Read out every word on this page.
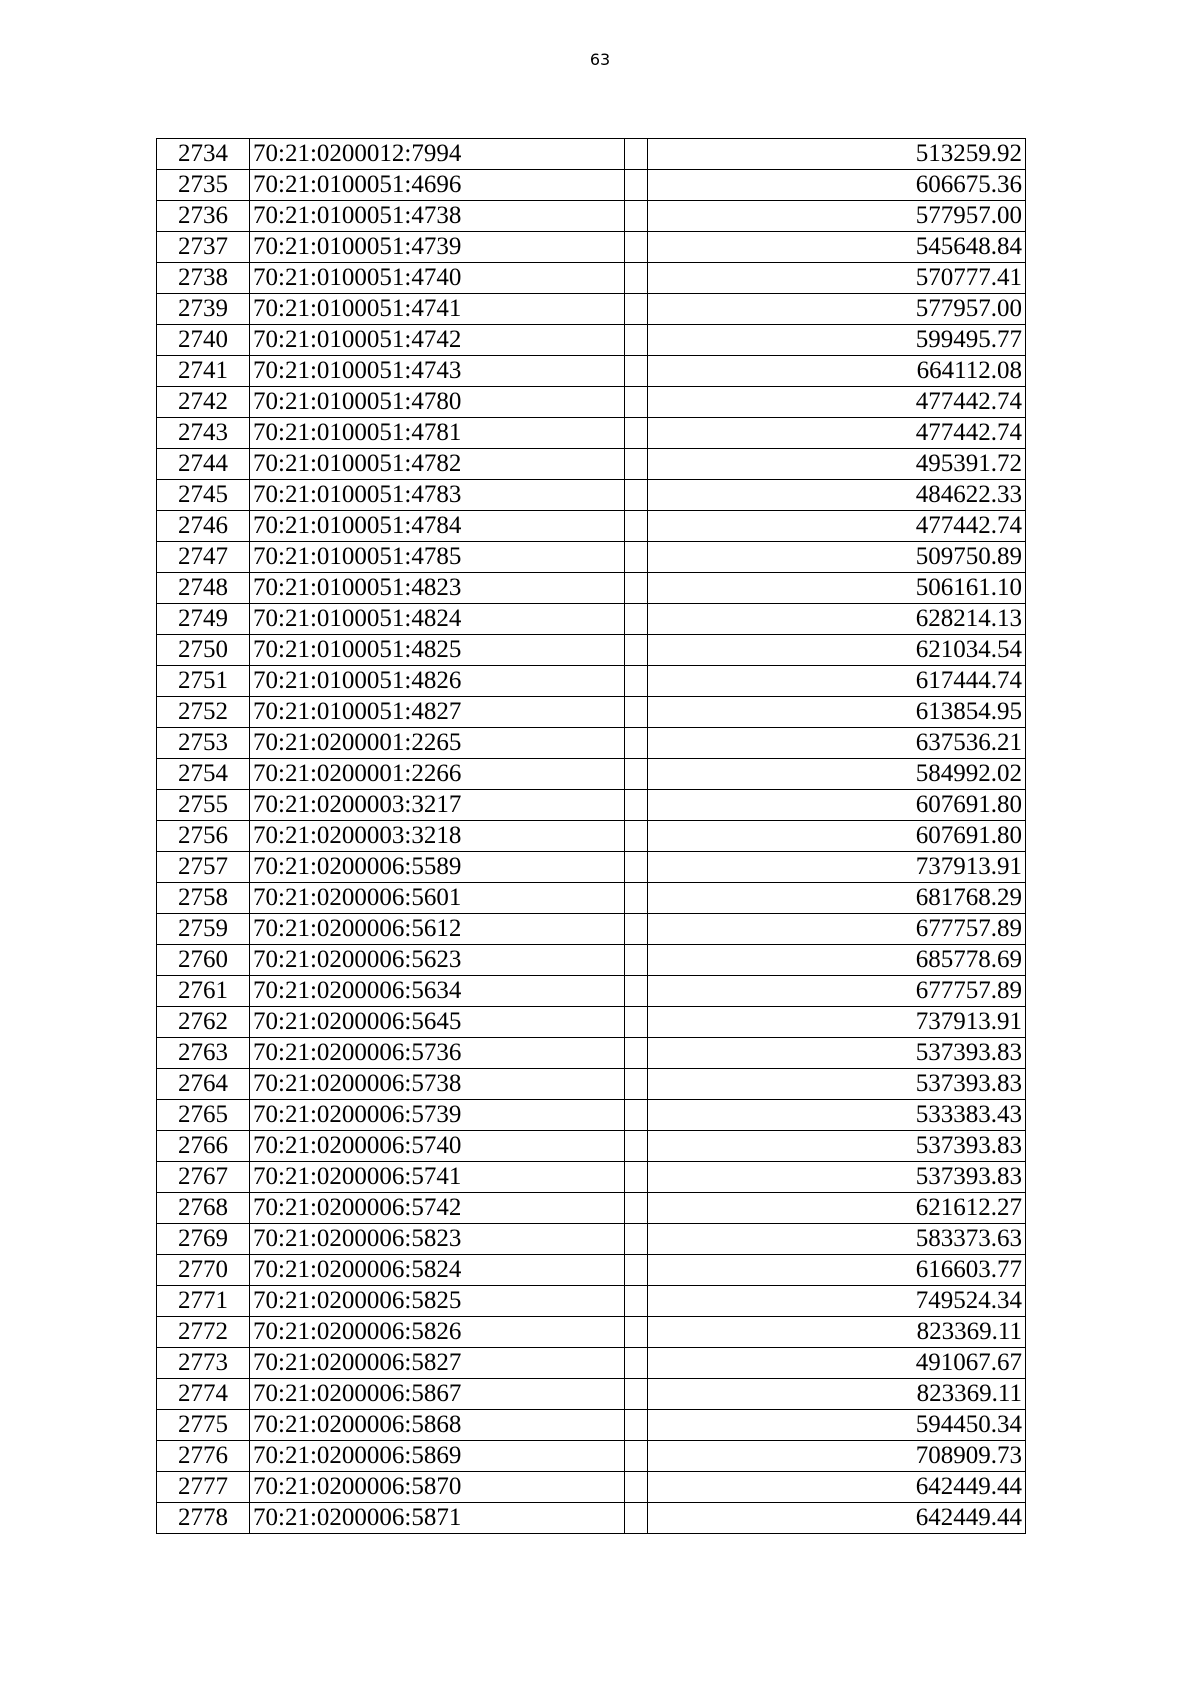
63
2734	70:21:0200012:7994		513259.92
2735	70:21:0100051:4696		606675.36
2736	70:21:0100051:4738		577957.00
2737	70:21:0100051:4739		545648.84
2738	70:21:0100051:4740		570777.41
2739	70:21:0100051:4741		577957.00
2740	70:21:0100051:4742		599495.77
2741	70:21:0100051:4743		664112.08
2742	70:21:0100051:4780		477442.74
2743	70:21:0100051:4781		477442.74
2744	70:21:0100051:4782		495391.72
2745	70:21:0100051:4783		484622.33
2746	70:21:0100051:4784		477442.74
2747	70:21:0100051:4785		509750.89
2748	70:21:0100051:4823		506161.10
2749	70:21:0100051:4824		628214.13
2750	70:21:0100051:4825		621034.54
2751	70:21:0100051:4826		617444.74
2752	70:21:0100051:4827		613854.95
2753	70:21:0200001:2265		637536.21
2754	70:21:0200001:2266		584992.02
2755	70:21:0200003:3217		607691.80
2756	70:21:0200003:3218		607691.80
2757	70:21:0200006:5589		737913.91
2758	70:21:0200006:5601		681768.29
2759	70:21:0200006:5612		677757.89
2760	70:21:0200006:5623		685778.69
2761	70:21:0200006:5634		677757.89
2762	70:21:0200006:5645		737913.91
2763	70:21:0200006:5736		537393.83
2764	70:21:0200006:5738		537393.83
2765	70:21:0200006:5739		533383.43
2766	70:21:0200006:5740		537393.83
2767	70:21:0200006:5741		537393.83
2768	70:21:0200006:5742		621612.27
2769	70:21:0200006:5823		583373.63
2770	70:21:0200006:5824		616603.77
2771	70:21:0200006:5825		749524.34
2772	70:21:0200006:5826		823369.11
2773	70:21:0200006:5827		491067.67
2774	70:21:0200006:5867		823369.11
2775	70:21:0200006:5868		594450.34
2776	70:21:0200006:5869		708909.73
2777	70:21:0200006:5870		642449.44
2778	70:21:0200006:5871		642449.44
